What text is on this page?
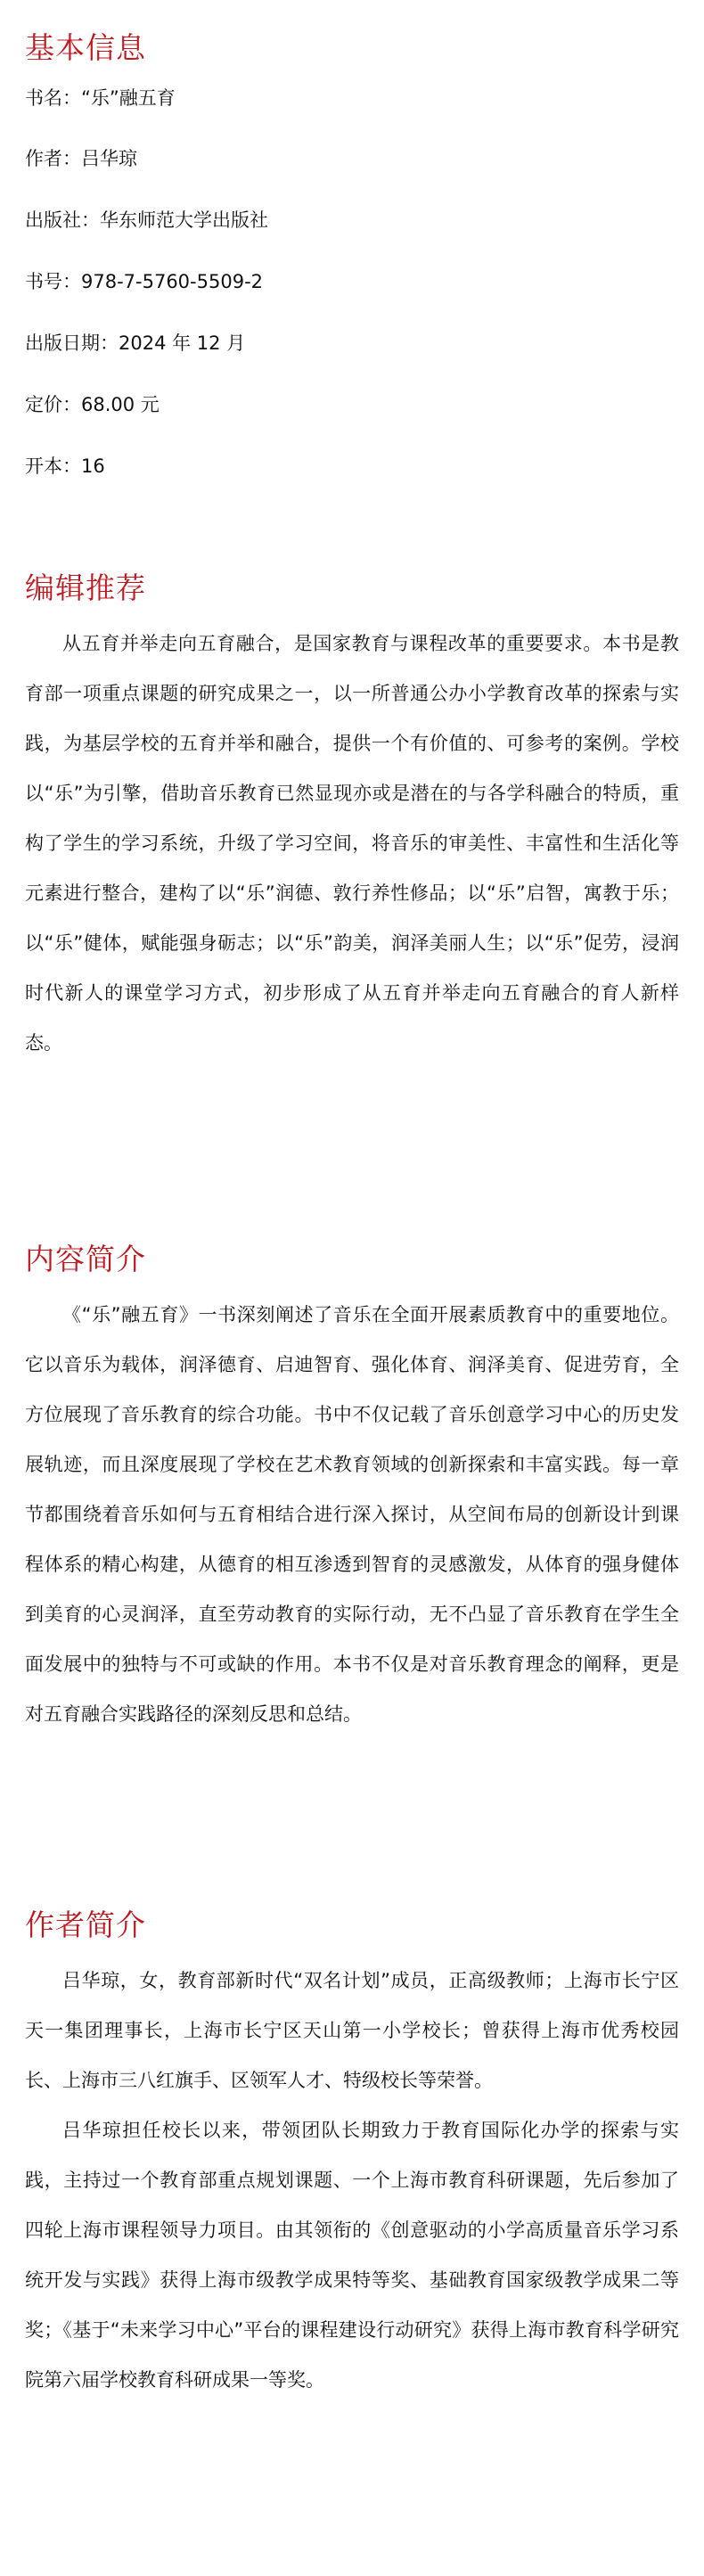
基本信息

书名：“乐”融五育

作者：吕华琼

出版社：华东师范大学出版社

书号：978-7-5760-5509-2

出版日期：2024 年 12 月

定价：68.00 元

开本：16

编辑推荐

从五育并举走向五育融合，是国家教育与课程改革的重要要求。本书是教育部一项重点课题的研究成果之一，以一所普通公办小学教育改革的探索与实践，为基层学校的五育并举和融合，提供一个有价值的、可参考的案例。学校以“乐”为引擎，借助音乐教育已然显现亦或是潜在的与各学科融合的特质，重构了学生的学习系统，升级了学习空间，将音乐的审美性、丰富性和生活化等元素进行整合，建构了以“乐”润德、敦行养性修品；以“乐”启智，寓教于乐；以“乐”健体，赋能强身砺志；以“乐”韵美，润泽美丽人生；以“乐”促劳，浸润时代新人的课堂学习方式，初步形成了从五育并举走向五育融合的育人新样态。

内容简介

《“乐”融五育》一书深刻阐述了音乐在全面开展素质教育中的重要地位。它以音乐为载体，润泽德育、启迪智育、强化体育、润泽美育、促进劳育，全方位展现了音乐教育的综合功能。书中不仅记载了音乐创意学习中心的历史发展轨迹，而且深度展现了学校在艺术教育领域的创新探索和丰富实践。每一章节都围绕着音乐如何与五育相结合进行深入探讨，从空间布局的创新设计到课程体系的精心构建，从德育的相互渗透到智育的灵感激发，从体育的强身健体到美育的心灵润泽，直至劳动教育的实际行动，无不凸显了音乐教育在学生全面发展中的独特与不可或缺的作用。本书不仅是对音乐教育理念的阐释，更是对五育融合实践路径的深刻反思和总结。

作者简介

吕华琼，女，教育部新时代“双名计划”成员，正高级教师；上海市长宁区天一集团理事长，上海市长宁区天山第一小学校长；曾获得上海市优秀校园长、上海市三八红旗手、区领军人才、特级校长等荣誉。

吕华琼担任校长以来，带领团队长期致力于教育国际化办学的探索与实践，主持过一个教育部重点规划课题、一个上海市教育科研课题，先后参加了四轮上海市课程领导力项目。由其领衔的《创意驱动的小学高质量音乐学习系统开发与实践》获得上海市级教学成果特等奖、基础教育国家级教学成果二等奖；《基于“未来学习中心”平台的课程建设行动研究》获得上海市教育科学研究院第六届学校教育科研成果一等奖。
